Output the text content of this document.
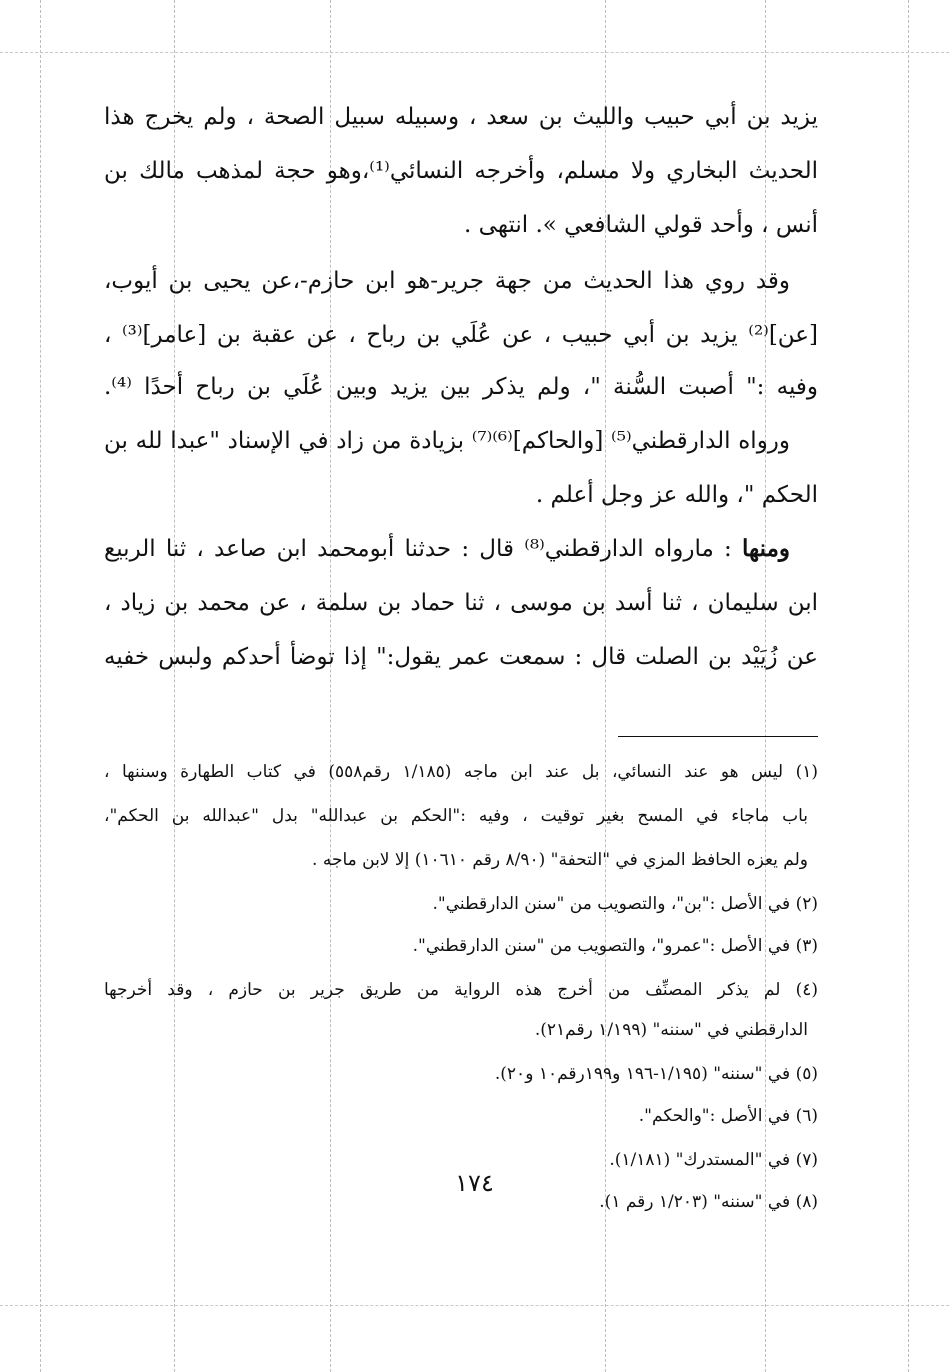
يزيد بن أبي حبيب والليث بن سعد ، وسبيله سبيل الصحة ، ولم يخرج هذا
الحديث البخاري ولا مسلم، وأخرجه النسائي⁽¹⁾،وهو حجة لمذهب مالك بن
أنس ، وأحد قولي الشافعي ». انتهى .
وقد روي هذا الحديث من جهة جرير-هو ابن حازم-،عن يحيى بن أيوب،
[عن]⁽²⁾ يزيد بن أبي حبيب ، عن عُلَي بن رباح ، عن عقبة بن [عامر]⁽³⁾ ،
وفيه :" أصبت السُّنة "، ولم يذكر بين يزيد وبين عُلَي بن رباح أحدًا ⁽⁴⁾.
ورواه الدارقطني⁽⁵⁾ [والحاكم]⁽⁶⁾⁽⁷⁾ بزيادة من زاد في الإسناد "عبدا لله بن
الحكم "، والله عز وجل أعلم .
ومنها : مارواه الدارقطني⁽⁸⁾ قال : حدثنا أبومحمد ابن صاعد ، ثنا الربيع
ابن سليمان ، ثنا أسد بن موسى ، ثنا حماد بن سلمة ، عن محمد بن زياد ،
عن زُيَيْد بن الصلت قال : سمعت عمر يقول:" إذا توضأ أحدكم ولبس خفيه
(١) ليس هو عند النسائي، بل عند ابن ماجه (١/١٨٥ رقم٥٥٨) في كتاب الطهارة وسننها ،
باب ماجاء في المسح بغير توقيت ، وفيه :"الحكم بن عبدالله" بدل "عبدالله بن الحكم"،
ولم يعزه الحافظ المزي في "التحفة" (٨/٩٠ رقم ١٠٦١٠) إلا لابن ماجه .
(٢) في الأصل :"بن"، والتصويب من "سنن الدارقطني".
(٣) في الأصل :"عمرو"، والتصويب من "سنن الدارقطني".
(٤) لم يذكر المصنِّف من أخرج هذه الرواية من طريق جرير بن حازم ، وقد أخرجها
الدارقطني في "سننه" (١/١٩٩ رقم٢١).
(٥) في "سننه" (١/١٩٥-١٩٦ و١٩٩رقم١٠ و٢٠).
(٦) في الأصل :"والحكم".
(٧) في "المستدرك" (١/١٨١).
(٨) في "سننه" (١/٢٠٣ رقم ١).
١٧٤
